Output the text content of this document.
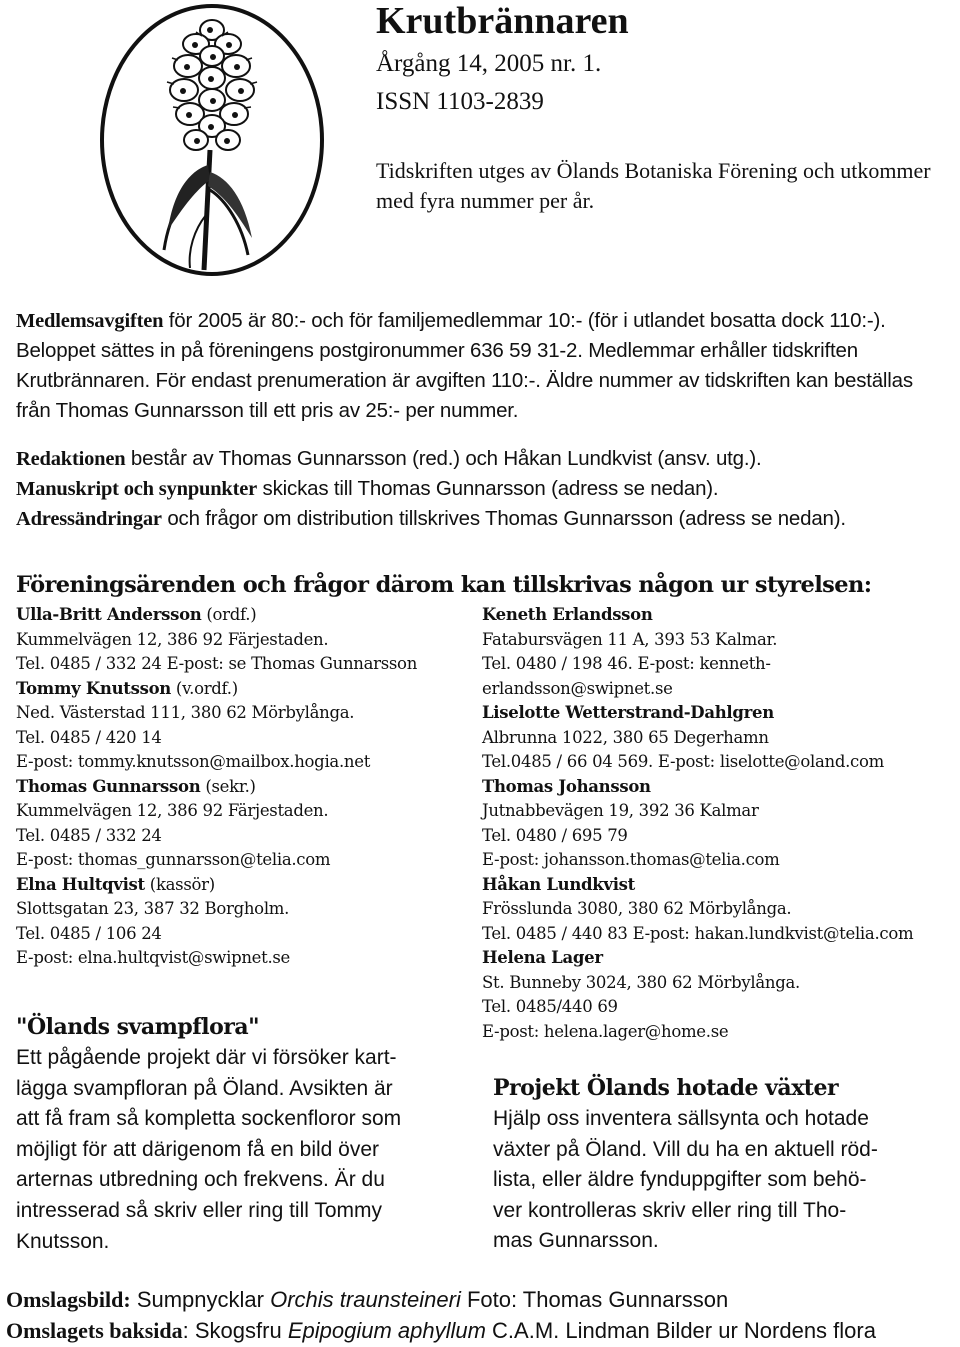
Krutbrännaren
Årgång 14, 2005 nr. 1.
ISSN 1103-2839
Tidskriften utges av Ölands Botaniska Förening och utkommer med fyra nummer per år.
Medlemsavgiften för 2005 är 80:- och för familjemedlemmar 10:- (för i utlandet bosatta dock 110:-). Beloppet sättes in på föreningens postgironummer 636 59 31-2. Medlemmar erhåller tidskriften Krutbrännaren. För endast prenumeration är avgiften 110:-. Äldre nummer av tidskriften kan beställas från Thomas Gunnarsson till ett pris av 25:- per nummer.
Redaktionen består av Thomas Gunnarsson (red.) och Håkan Lundkvist (ansv. utg.).
Manuskript och synpunkter skickas till Thomas Gunnarsson (adress se nedan).
Adressändringar och frågor om distribution tillskrives Thomas Gunnarsson (adress se nedan).
Föreningsärenden och frågor därom kan tillskrivas någon ur styrelsen:
Ulla-Britt Andersson (ordf.)
Kummelvägen 12, 386 92 Färjestaden.
Tel. 0485 / 332 24 E-post: se Thomas Gunnarsson
Tommy Knutsson (v.ordf.)
Ned. Västerstad 111, 380 62 Mörbylånga.
Tel. 0485 / 420 14
E-post: tommy.knutsson@mailbox.hogia.net
Thomas Gunnarsson (sekr.)
Kummelvägen 12, 386 92 Färjestaden.
Tel. 0485 / 332 24
E-post: thomas_gunnarsson@telia.com
Elna Hultqvist (kassör)
Slottsgatan 23, 387 32 Borgholm.
Tel. 0485 / 106 24
E-post: elna.hultqvist@swipnet.se
Keneth Erlandsson
Fatabursvägen 11 A, 393 53 Kalmar.
Tel. 0480 / 198 46. E-post: kenneth-
erlandsson@swipnet.se
Liselotte Wetterstrand-Dahlgren
Albrunna 1022, 380 65 Degerhamn
Tel.0485 / 66 04 569. E-post: liselotte@oland.com
Thomas Johansson
Jutnabbevägen 19, 392 36 Kalmar
Tel. 0480 / 695 79
E-post: johansson.thomas@telia.com
Håkan Lundkvist
Frösslunda 3080, 380 62 Mörbylånga.
Tel. 0485 / 440 83 E-post: hakan.lundkvist@telia.com
Helena Lager
St. Bunneby 3024, 380 62 Mörbylånga.
Tel. 0485/440 69
E-post: helena.lager@home.se
"Ölands svampflora"
Ett pågående projekt där vi försöker kart-
lägga svampfloran på Öland. Avsikten är
att få fram så kompletta sockenfloror som
möjligt för att därigenom få en bild över
arternas utbredning och frekvens. Är du
intresserad så skriv eller ring till Tommy
Knutsson.
Projekt Ölands hotade växter
Hjälp oss inventera sällsynta och hotade
växter på Öland. Vill du ha en aktuell röd-
lista, eller äldre fynduppgifter som behö-
ver kontrolleras skriv eller ring till Tho-
mas Gunnarsson.
Omslagsbild: Sumpnycklar Orchis traunsteineri Foto: Thomas Gunnarsson
Omslagets baksida: Skogsfru Epipogium aphyllum C.A.M. Lindman Bilder ur Nordens flora
